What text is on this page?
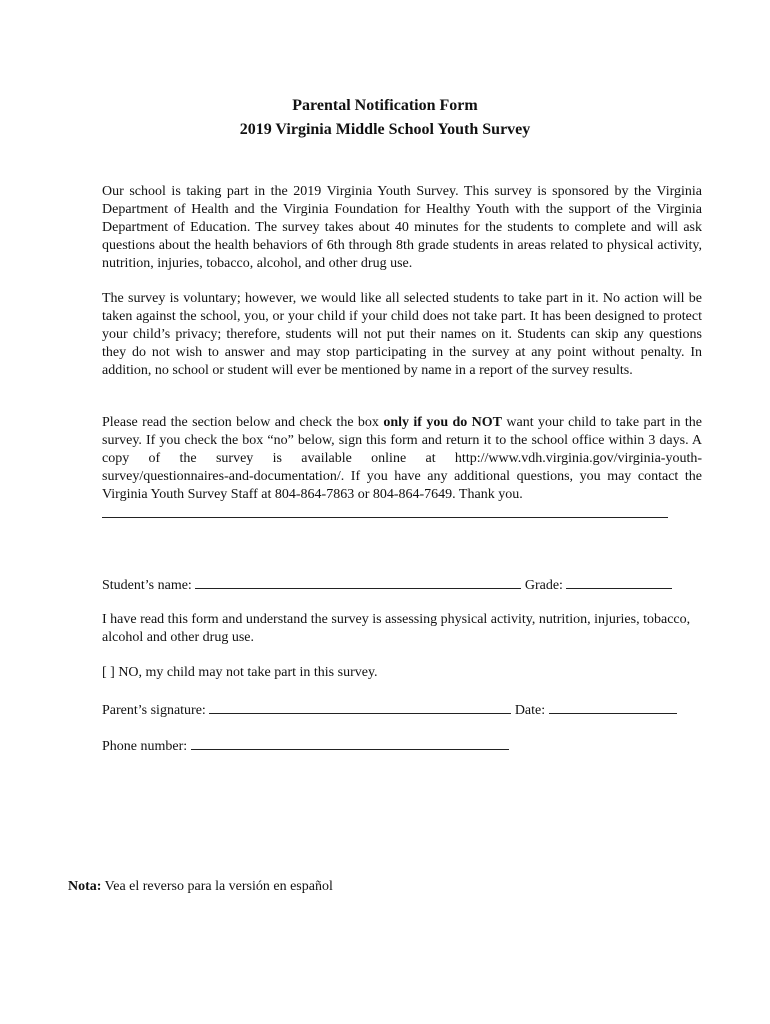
Parental Notification Form
2019 Virginia Middle School Youth Survey
Our school is taking part in the 2019 Virginia Youth Survey. This survey is sponsored by the Virginia Department of Health and the Virginia Foundation for Healthy Youth with the support of the Virginia Department of Education. The survey takes about 40 minutes for the students to complete and will ask questions about the health behaviors of 6th through 8th grade students in areas related to physical activity, nutrition, injuries, tobacco, alcohol, and other drug use.
The survey is voluntary; however, we would like all selected students to take part in it. No action will be taken against the school, you, or your child if your child does not take part. It has been designed to protect your child’s privacy; therefore, students will not put their names on it. Students can skip any questions they do not wish to answer and may stop participating in the survey at any point without penalty. In addition, no school or student will ever be mentioned by name in a report of the survey results.
Please read the section below and check the box only if you do NOT want your child to take part in the survey. If you check the box “no” below, sign this form and return it to the school office within 3 days. A copy of the survey is available online at http://www.vdh.virginia.gov/virginia-youth-survey/questionnaires-and-documentation/. If you have any additional questions, you may contact the Virginia Youth Survey Staff at 804-864-7863 or 804-864-7649. Thank you.
Student’s name:	Grade:
I have read this form and understand the survey is assessing physical activity, nutrition, injuries, tobacco, alcohol and other drug use.
[ ] NO, my child may not take part in this survey.
Parent’s signature:	Date:
Phone number:
Nota: Vea el reverso para la versión en español
